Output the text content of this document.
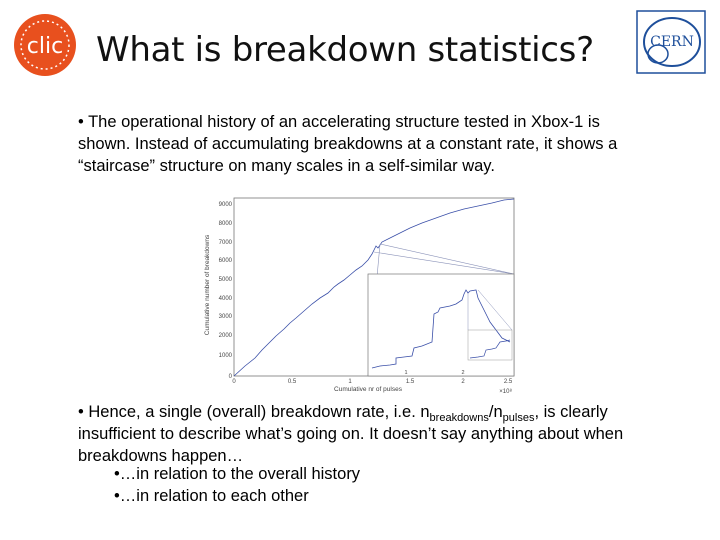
clic	CERN
What is breakdown statistics?
• The operational history of an accelerating structure tested in Xbox-1 is shown. Instead of accumulating breakdowns at a constant rate, it shows a “staircase” structure on many scales in a self-similar way.
Cumulative number of breakdowns
0
1000
2000
3000
4000
5000
6000
7000
8000
9000
0	0.5	1	1.5	2	2.5
Cumulative nr of pulses	×10⁸
1	2
• Hence, a single (overall) breakdown rate, i.e. $n_{breakdowns}/n_{pulses}$, is clearly insufficient to describe what’s going on. It doesn’t say anything about when breakdowns happen…
•…in relation to the overall history
•…in relation to each other
